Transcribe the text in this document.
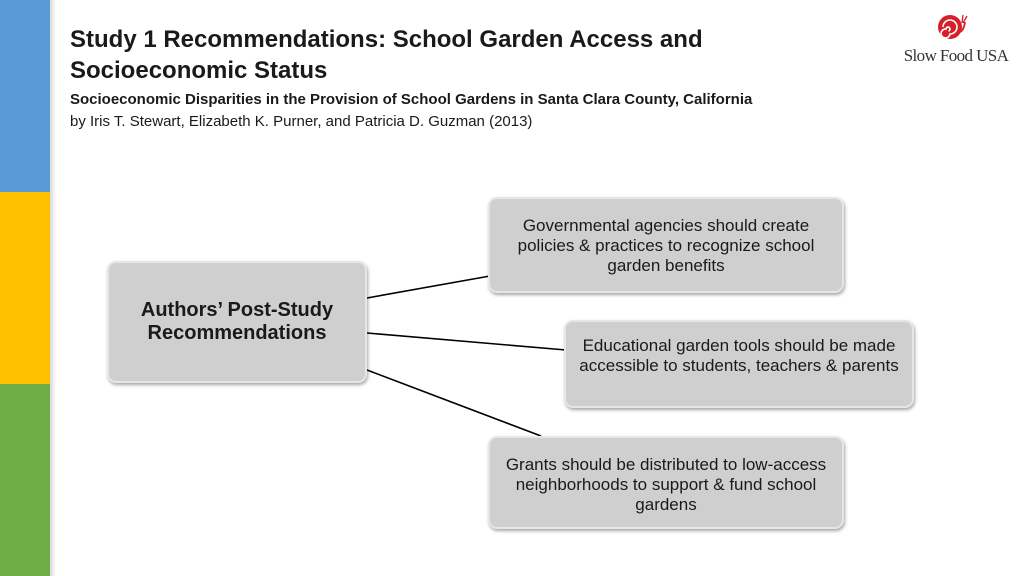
Study 1 Recommendations: School Garden Access and Socioeconomic Status
Socioeconomic Disparities in the Provision of School Gardens in Santa Clara County, California
by Iris T. Stewart, Elizabeth K. Purner, and Patricia D. Guzman (2013)
Slow Food USA
Authors’ Post-Study Recommendations
Governmental agencies should create policies & practices to recognize school garden benefits
Educational garden tools should be made accessible to students, teachers & parents
Grants should be distributed to low-access neighborhoods to support & fund school gardens
